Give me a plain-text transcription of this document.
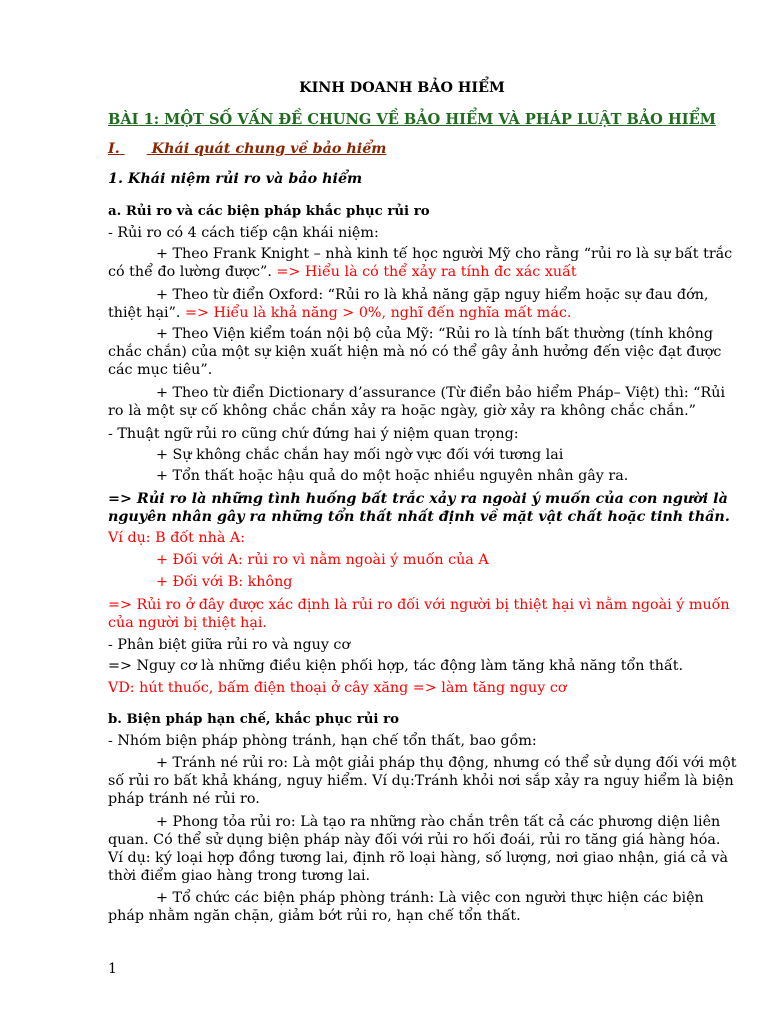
KINH DOANH BẢO HIỂM
BÀI 1: MỘT SỐ VẤN ĐỀ CHUNG VỀ BẢO HIỂM VÀ PHÁP LUẬT BẢO HIỂM
I. Khái quát chung về bảo hiểm
1. Khái niệm rủi ro và bảo hiểm
a. Rủi ro và các biện pháp khắc phục rủi ro
- Rủi ro có 4 cách tiếp cận khái niệm:
+ Theo Frank Knight – nhà kinh tế học người Mỹ cho rằng “rủi ro là sự bất trắc
có thể đo lường được”. => Hiểu là có thể xảy ra tính đc xác xuất
+ Theo từ điển Oxford: “Rủi ro là khả năng gặp nguy hiểm hoặc sự đau đớn,
thiệt hại”. => Hiểu là khả năng > 0%, nghĩ đến nghĩa mất mác.
+ Theo Viện kiểm toán nội bộ của Mỹ: “Rủi ro là tính bất thường (tính không
chắc chắn) của một sự kiện xuất hiện mà nó có thể gây ảnh hưởng đến việc đạt được
các mục tiêu”.
+ Theo từ điển Dictionary d’assurance (Từ điển bảo hiểm Pháp– Việt) thì: “Rủi
ro là một sự cố không chắc chắn xảy ra hoặc ngày, giờ xảy ra không chắc chắn.”
- Thuật ngữ rủi ro cũng chứ đứng hai ý niệm quan trọng:
+ Sự không chắc chắn hay mối ngờ vực đối với tương lai
+ Tổn thất hoặc hậu quả do một hoặc nhiều nguyên nhân gây ra.
=> Rủi ro là những tình huống bất trắc xảy ra ngoài ý muốn của con người là
nguyên nhân gây ra những tổn thất nhất định về mặt vật chất hoặc tinh thần.
Ví dụ: B đốt nhà A:
+ Đối với A: rủi ro vì nằm ngoài ý muốn của A
+ Đối với B: không
=> Rủi ro ở đây được xác định là rủi ro đối với người bị thiệt hại vì nằm ngoài ý muốn
của người bị thiệt hại.
- Phân biệt giữa rủi ro và nguy cơ
=> Nguy cơ là những điều kiện phối hợp, tác động làm tăng khả năng tổn thất.
VD: hút thuốc, bấm điện thoại ở cây xăng => làm tăng nguy cơ
b. Biện pháp hạn chế, khắc phục rủi ro
- Nhóm biện pháp phòng tránh, hạn chế tổn thất, bao gồm:
+ Tránh né rủi ro: Là một giải pháp thụ động, nhưng có thể sử dụng đối với một
số rủi ro bất khả kháng, nguy hiểm. Ví dụ:Tránh khỏi nơi sắp xảy ra nguy hiểm là biện
pháp tránh né rủi ro.
+ Phong tỏa rủi ro: Là tạo ra những rào chắn trên tất cả các phương diện liên
quan. Có thể sử dụng biện pháp này đối với rủi ro hối đoái, rủi ro tăng giá hàng hóa.
Ví dụ: ký loại hợp đồng tương lai, định rõ loại hàng, số lượng, nơi giao nhận, giá cả và
thời điểm giao hàng trong tương lai.
+ Tổ chức các biện pháp phòng tránh: Là việc con người thực hiện các biện
pháp nhằm ngăn chặn, giảm bớt rủi ro, hạn chế tổn thất.
1
